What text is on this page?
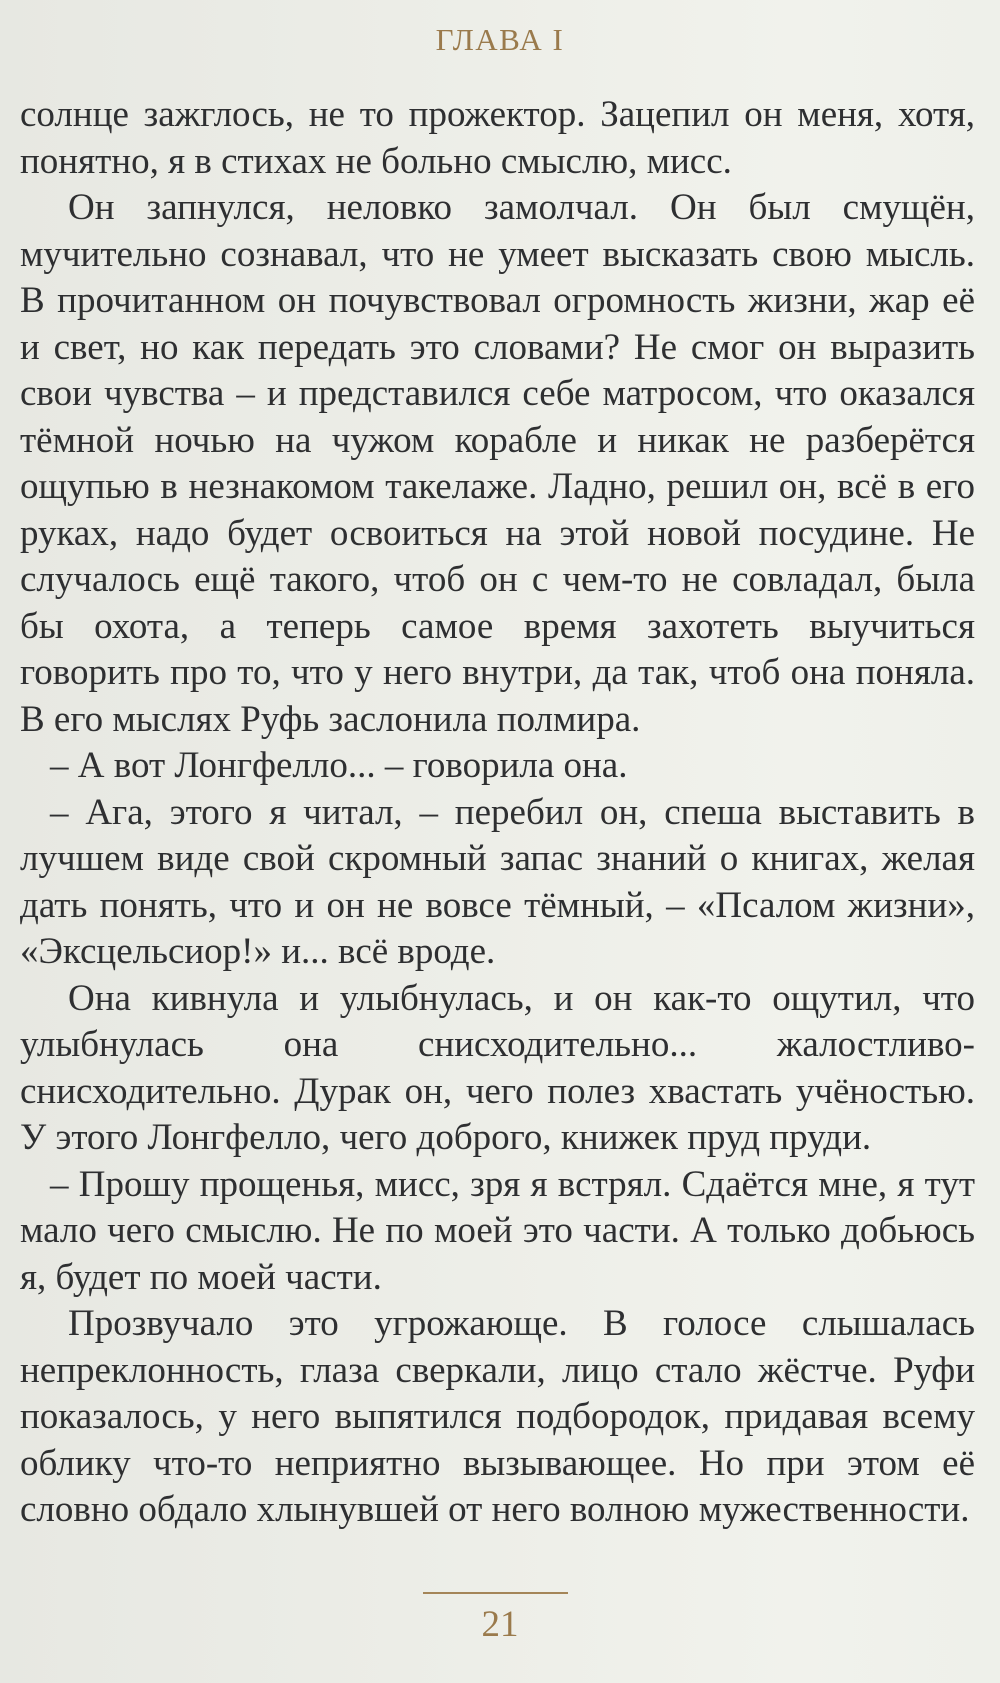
ГЛАВА I

солнце зажглось, не то прожектор. Зацепил он меня, хотя, понятно, я в стихах не больно смыслю, мисс.

Он запнулся, неловко замолчал. Он был смущён, мучительно сознавал, что не умеет высказать свою мысль. В прочитанном он почувствовал огромность жизни, жар её и свет, но как передать это словами? Не смог он выразить свои чувства – и представился себе матросом, что оказался тёмной ночью на чужом корабле и никак не разберётся ощупью в незнакомом такелаже. Ладно, решил он, всё в его руках, надо будет освоиться на этой новой посудине. Не случалось ещё такого, чтоб он с чем-то не совладал, была бы охота, а теперь самое время захотеть выучиться говорить про то, что у него внутри, да так, чтоб она поняла. В его мыслях Руфь заслонила полмира.

– А вот Лонгфелло... – говорила она.

– Ага, этого я читал, – перебил он, спеша выставить в лучшем виде свой скромный запас знаний о книгах, желая дать понять, что и он не вовсе тёмный, – «Псалом жизни», «Эксцельсиор!» и... всё вроде.

Она кивнула и улыбнулась, и он как-то ощутил, что улыбнулась она снисходительно... жалостливо-снисходительно. Дурак он, чего полез хвастать учёностью. У этого Лонгфелло, чего доброго, книжек пруд пруди.

– Прошу прощенья, мисс, зря я встрял. Сдаётся мне, я тут мало чего смыслю. Не по моей это части. А только добьюсь я, будет по моей части.

Прозвучало это угрожающе. В голосе слышалась непреклонность, глаза сверкали, лицо стало жёстче. Руфи показалось, у него выпятился подбородок, придавая всему облику что-то неприятно вызывающее. Но при этом её словно обдало хлынувшей от него волною мужественности.

21
